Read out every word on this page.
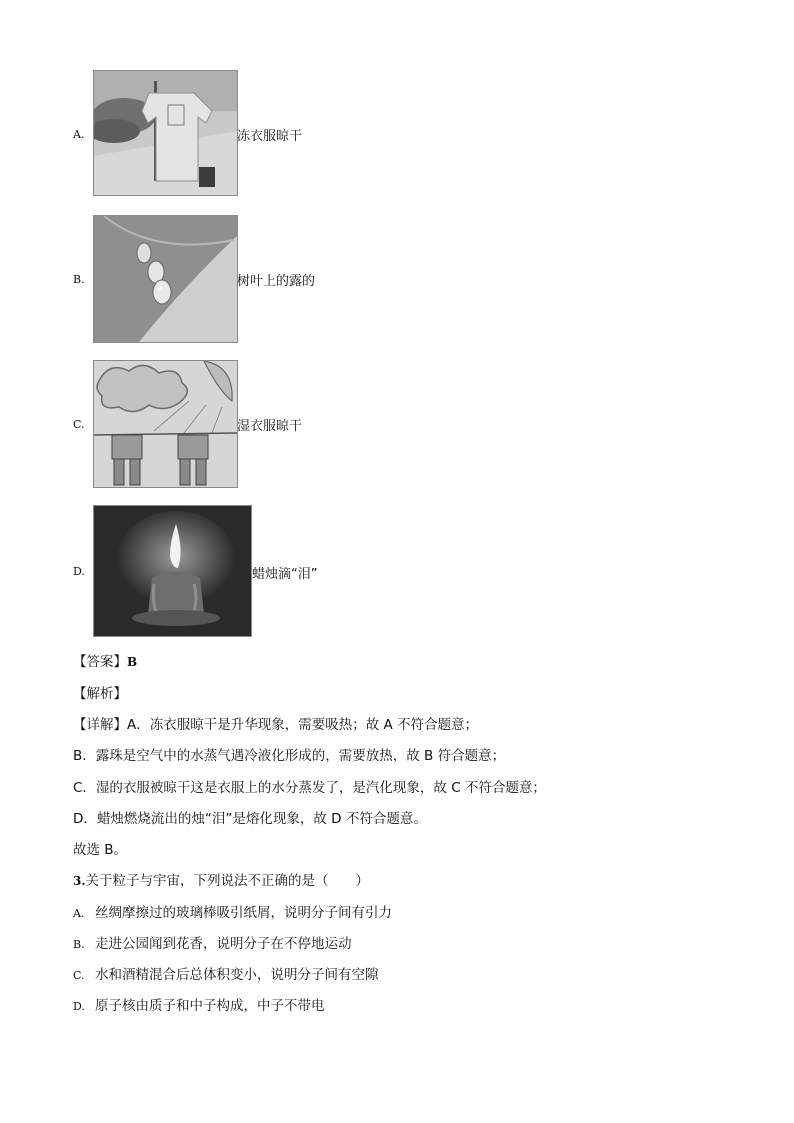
A.	冻衣服晾干
B.	树叶上的露的
C.	湿衣服晾干
D.	蜡烛滴“泪”
【答案】B
【解析】
【详解】A．冻衣服晾干是升华现象，需要吸热；故 A 不符合题意；
B．露珠是空气中的水蒸气遇冷液化形成的，需要放热，故 B 符合题意；
C．湿的衣服被晾干这是衣服上的水分蒸发了，是汽化现象，故 C 不符合题意；
D．蜡烛燃烧流出的烛“泪”是熔化现象，故 D 不符合题意。
故选 B。
3.关于粒子与宇宙，下列说法不正确的是（　　）
A. 丝绸摩擦过的玻璃棒吸引纸屑，说明分子间有引力
B. 走进公园闻到花香，说明分子在不停地运动
C. 水和酒精混合后总体积变小，说明分子间有空隙
D. 原子核由质子和中子构成，中子不带电
